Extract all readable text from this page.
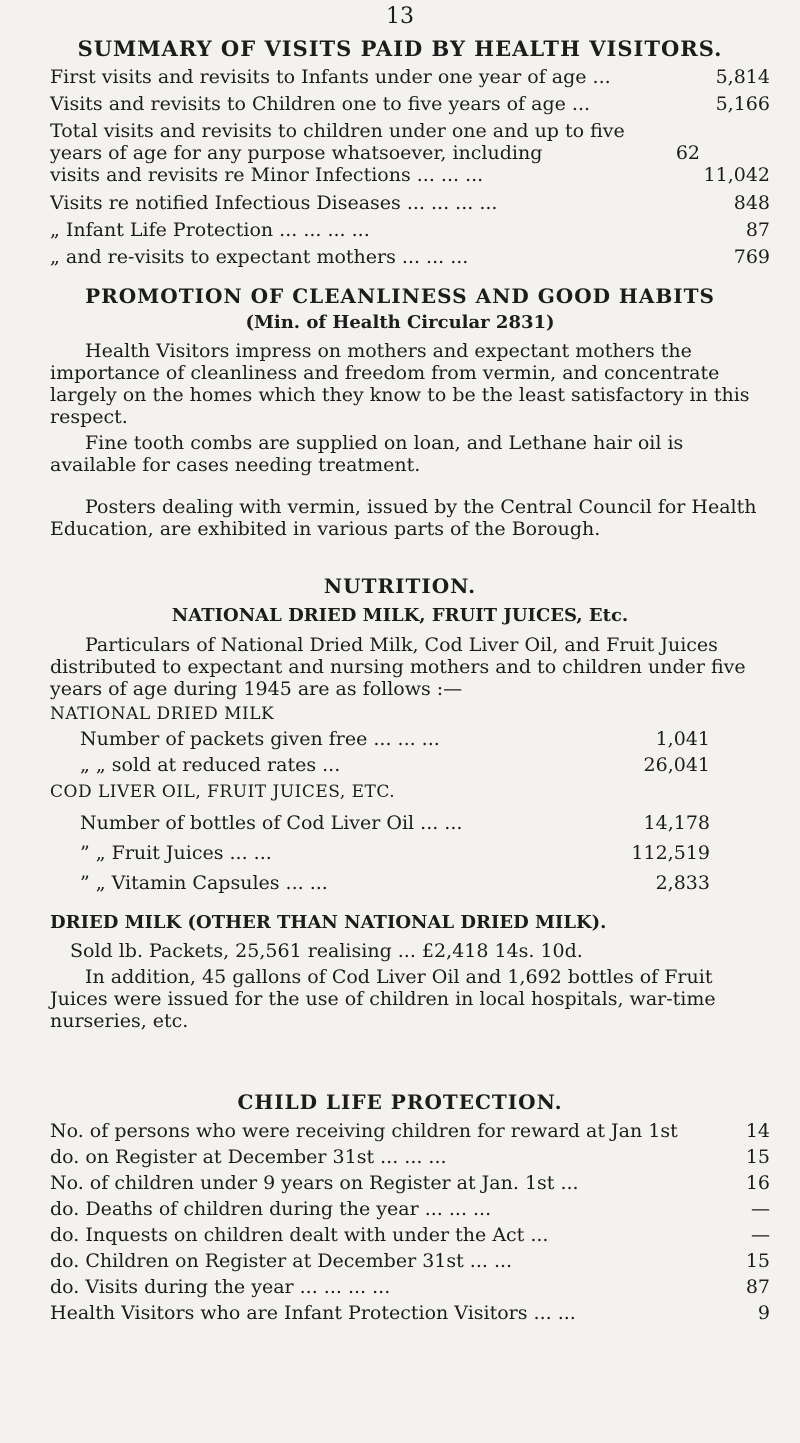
13
SUMMARY OF VISITS PAID BY HEALTH VISITORS.
First visits and revisits to Infants under one year of age ...	5,814
Visits and revisits to Children one to five years of age ...	5,166
Total visits and revisits to children under one and up to five
years of age for any purpose whatsoever, including	62
visits and revisits re Minor Infections ... ... ...	11,042
Visits re notified Infectious Diseases ... ... ... ...	848
„ Infant Life Protection ... ... ... ...	87
„ and re-visits to expectant mothers ... ... ...	769
PROMOTION OF CLEANLINESS AND GOOD HABITS
(Min. of Health Circular 2831)
Health Visitors impress on mothers and expectant mothers the importance of cleanliness and freedom from vermin, and concentrate largely on the homes which they know to be the least satisfactory in this respect.
Fine tooth combs are supplied on loan, and Lethane hair oil is available for cases needing treatment.
Posters dealing with vermin, issued by the Central Council for Health Education, are exhibited in various parts of the Borough.
NUTRITION.
NATIONAL DRIED MILK, FRUIT JUICES, Etc.
Particulars of National Dried Milk, Cod Liver Oil, and Fruit Juices distributed to expectant and nursing mothers and to children under five years of age during 1945 are as follows :—
NATIONAL DRIED MILK
Number of packets given free ... ... ...	1,041
„ „ sold at reduced rates ...	26,041
COD LIVER OIL, FRUIT JUICES, ETC.
Number of bottles of Cod Liver Oil ... ...	14,178
” „ Fruit Juices ... ...	112,519
” „ Vitamin Capsules ... ...	2,833
DRIED MILK (OTHER THAN NATIONAL DRIED MILK).
Sold lb. Packets, 25,561 realising ... £2,418 14s. 10d.
In addition, 45 gallons of Cod Liver Oil and 1,692 bottles of Fruit Juices were issued for the use of children in local hospitals, war-time nurseries, etc.
CHILD LIFE PROTECTION.
No. of persons who were receiving children for reward at Jan 1st	14
do. on Register at December 31st ... ... ...	15
No. of children under 9 years on Register at Jan. 1st ...	16
do. Deaths of children during the year ... ... ...	—
do. Inquests on children dealt with under the Act ...	—
do. Children on Register at December 31st ... ...	15
do. Visits during the year ... ... ... ...	87
Health Visitors who are Infant Protection Visitors ... ...	9
